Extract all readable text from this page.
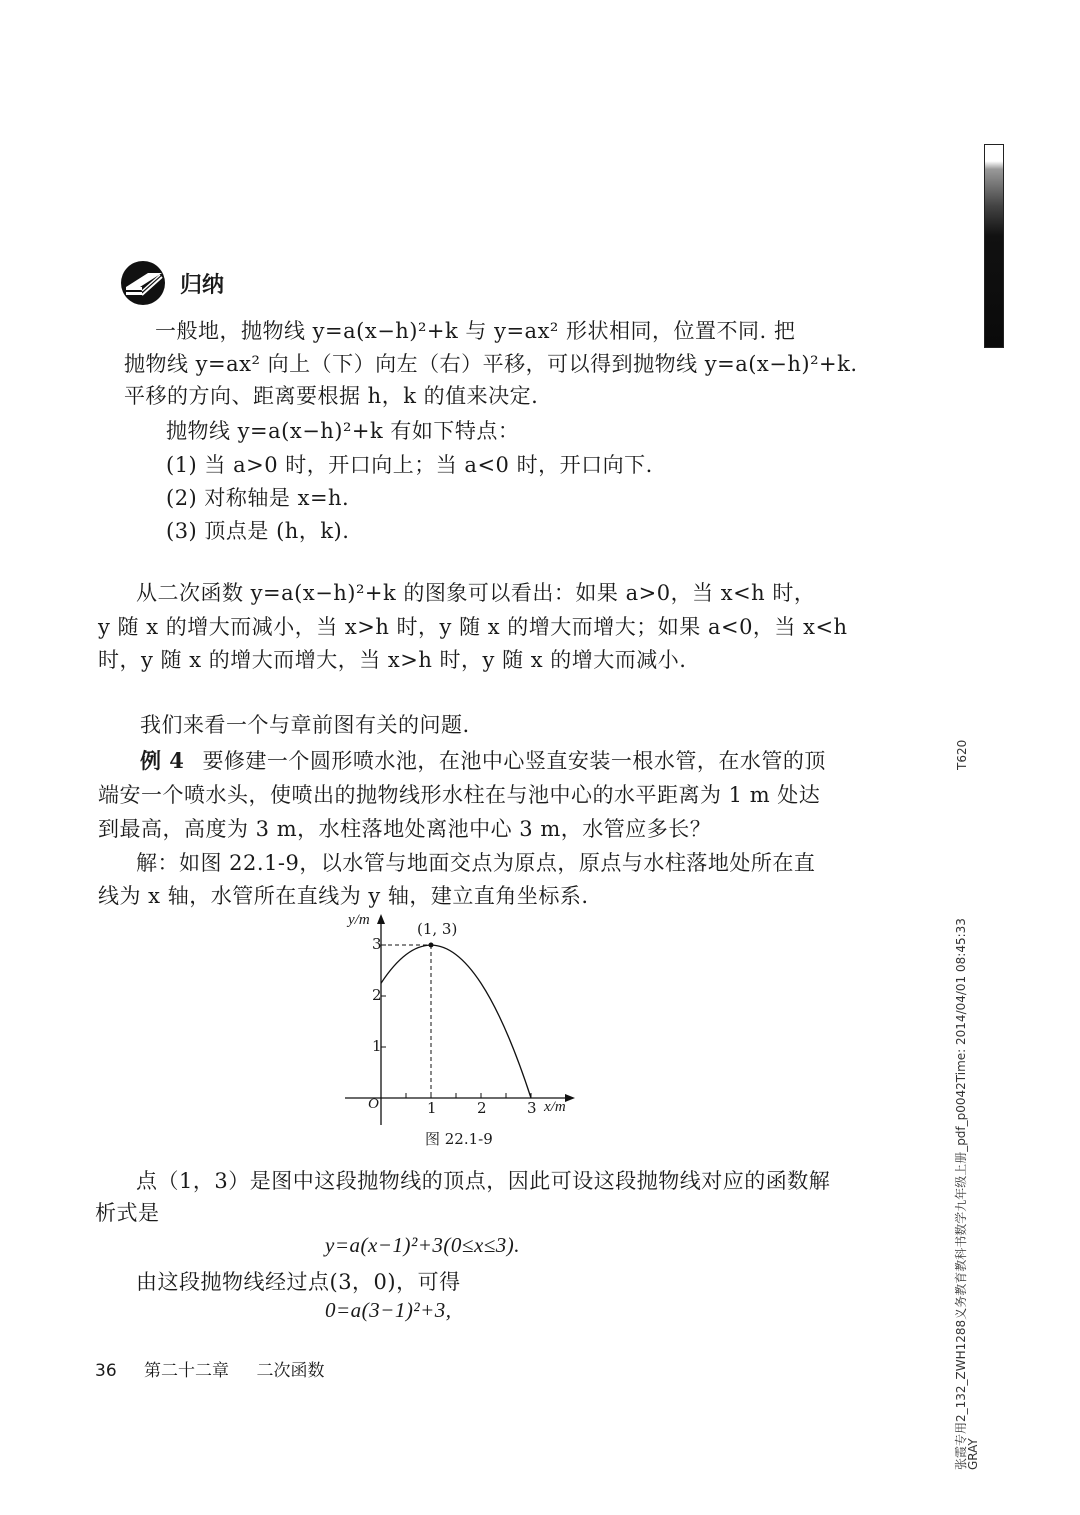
归纳
一般地，抛物线 y=a(x−h)²+k 与 y=ax² 形状相同，位置不同. 把
抛物线 y=ax² 向上（下）向左（右）平移，可以得到抛物线 y=a(x−h)²+k.
平移的方向、距离要根据 h，k 的值来决定.
抛物线 y=a(x−h)²+k 有如下特点：
(1) 当 a>0 时，开口向上；当 a<0 时，开口向下.
(2) 对称轴是 x=h.
(3) 顶点是 (h，k).
从二次函数 y=a(x−h)²+k 的图象可以看出：如果 a>0，当 x<h 时，
y 随 x 的增大而减小，当 x>h 时，y 随 x 的增大而增大；如果 a<0，当 x<h
时，y 随 x 的增大而增大，当 x>h 时，y 随 x 的增大而减小.
我们来看一个与章前图有关的问题.
例 4 要修建一个圆形喷水池，在池中心竖直安装一根水管，在水管的顶
端安一个喷水头，使喷出的抛物线形水柱在与池中心的水平距离为 1 m 处达
到最高，高度为 3 m，水柱落地处离池中心 3 m，水管应多长？
解：如图 22.1-9，以水管与地面交点为原点，原点与水柱落地处所在直
线为 x 轴，水管所在直线为 y 轴，建立直角坐标系.
y/m	(1, 3)
3
2
1
O	1	2	3 x/m
图 22.1-9
点（1，3）是图中这段抛物线的顶点，因此可设这段抛物线对应的函数解
析式是
y=a(x−1)²+3(0≤x≤3).
由这段抛物线经过点(3，0)，可得
0=a(3−1)²+3,
36 第二十二章 二次函数
T620
张霞专用2_132_ZWH1288义务教育教科书数学九年级上册_pdf_p0042Time: 2014/04/01 08:45:33
GRAY
